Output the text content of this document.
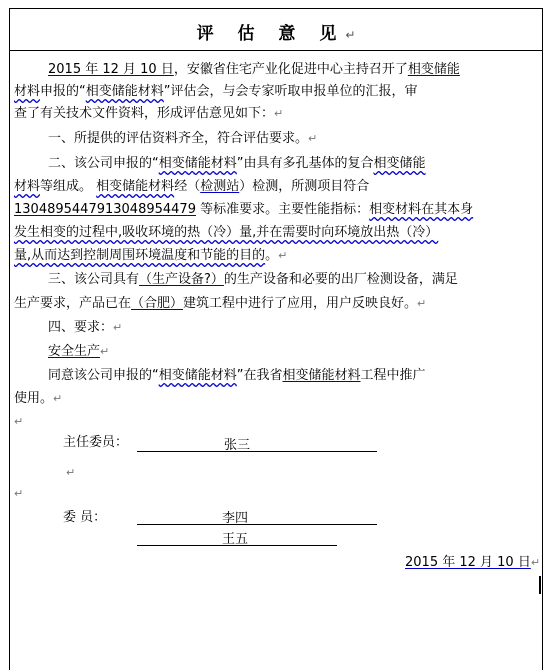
评 估 意 见↵
2015 年 12 月 10 日，安徽省住宅产业化促进中心主持召开了相变储能
材料申报的“相变储能材料”评估会，与会专家听取申报单位的汇报，审
查了有关技术文件资料，形成评估意见如下：↵
一、所提供的评估资料齐全，符合评估要求。↵
二、该公司申报的“相变储能材料”由具有多孔基体的复合相变储能
材料等组成。 相变储能材料经（检测站）检测，所测项目符合
1304895447913048954479 等标准要求。主要性能指标：相变材料在其本身
发生相变的过程中,吸收环境的热（冷）量,并在需要时向环境放出热（冷）
量,从而达到控制周围环境温度和节能的目的。↵
三、该公司具有（生产设备?）的生产设备和必要的出厂检测设备，满足
生产要求，产品已在（合肥）建筑工程中进行了应用，用户反映良好。↵
四、要求：↵
安全生产↵
同意该公司申报的“相变储能材料”在我省相变储能材料工程中推广
使用。↵
↵
主任委员：	张三
↵
↵
委 员：	李四
王五
2015 年 12 月 10 日↵
